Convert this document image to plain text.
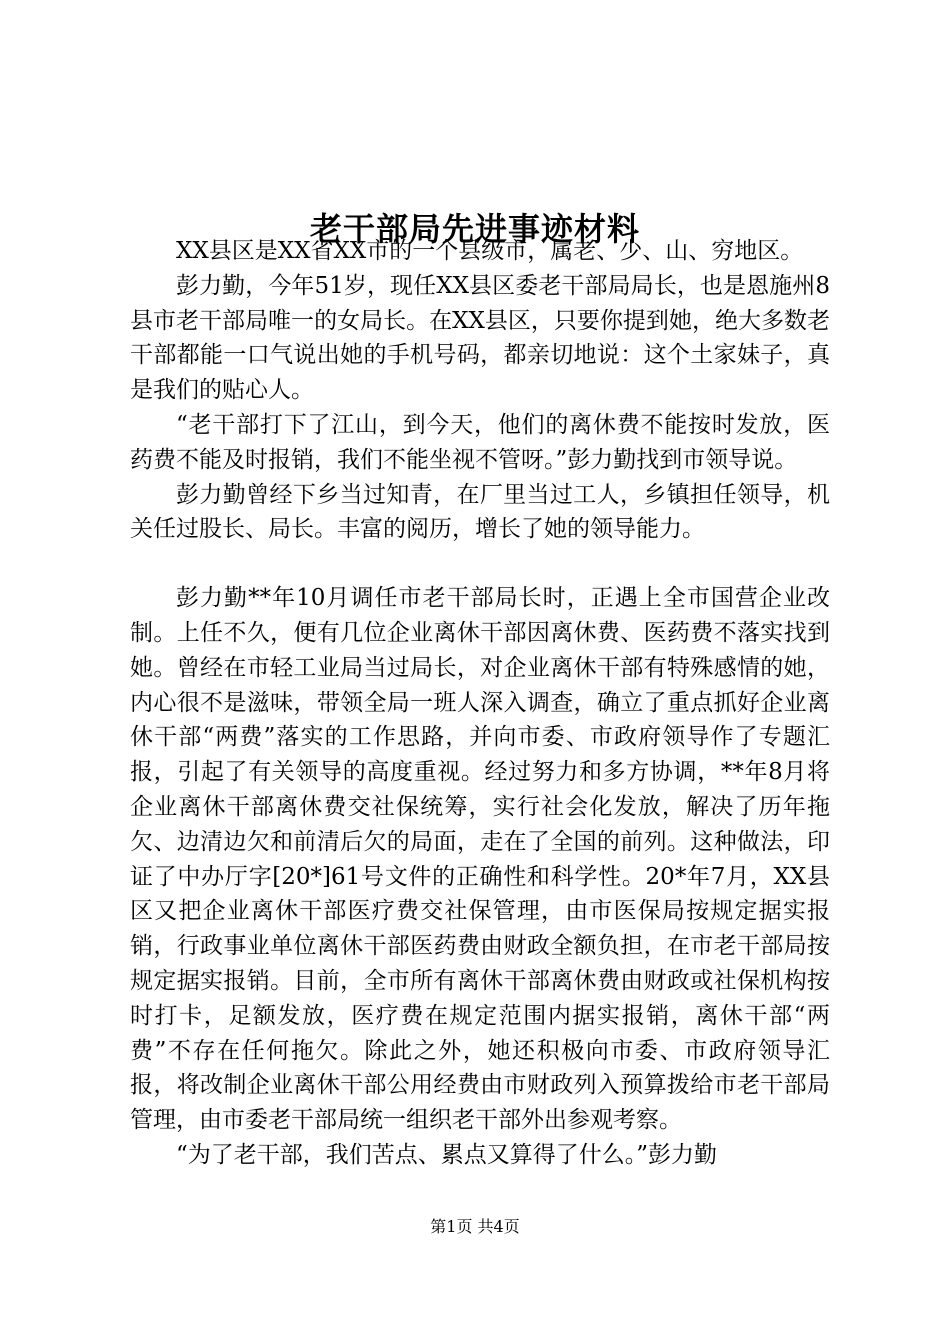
老干部局先进事迹材料

XX县区是XX省XX市的一个县级市，属老、少、山、穷地区。

彭力勤，今年51岁，现任XX县区委老干部局局长，也是恩施州8县市老干部局唯一的女局长。在XX县区，只要你提到她，绝大多数老干部都能一口气说出她的手机号码，都亲切地说：这个土家妹子，真是我们的贴心人。

“老干部打下了江山，到今天，他们的离休费不能按时发放，医药费不能及时报销，我们不能坐视不管呀。”彭力勤找到市领导说。

彭力勤曾经下乡当过知青，在厂里当过工人，乡镇担任领导，机关任过股长、局长。丰富的阅历，增长了她的领导能力。

彭力勤**年10月调任市老干部局长时，正遇上全市国营企业改制。上任不久，便有几位企业离休干部因离休费、医药费不落实找到她。曾经在市轻工业局当过局长，对企业离休干部有特殊感情的她，内心很不是滋味，带领全局一班人深入调查，确立了重点抓好企业离休干部“两费”落实的工作思路，并向市委、市政府领导作了专题汇报，引起了有关领导的高度重视。经过努力和多方协调，**年8月将企业离休干部离休费交社保统筹，实行社会化发放，解决了历年拖欠、边清边欠和前清后欠的局面，走在了全国的前列。这种做法，印证了中办厅字[20*]61号文件的正确性和科学性。20*年7月，XX县区又把企业离休干部医疗费交社保管理，由市医保局按规定据实报销，行政事业单位离休干部医药费由财政全额负担，在市老干部局按规定据实报销。目前，全市所有离休干部离休费由财政或社保机构按时打卡，足额发放，医疗费在规定范围内据实报销，离休干部“两费”不存在任何拖欠。除此之外，她还积极向市委、市政府领导汇报，将改制企业离休干部公用经费由市财政列入预算拨给市老干部局管理，由市委老干部局统一组织老干部外出参观考察。

“为了老干部，我们苦点、累点又算得了什么。”彭力勤

第1页 共4页
